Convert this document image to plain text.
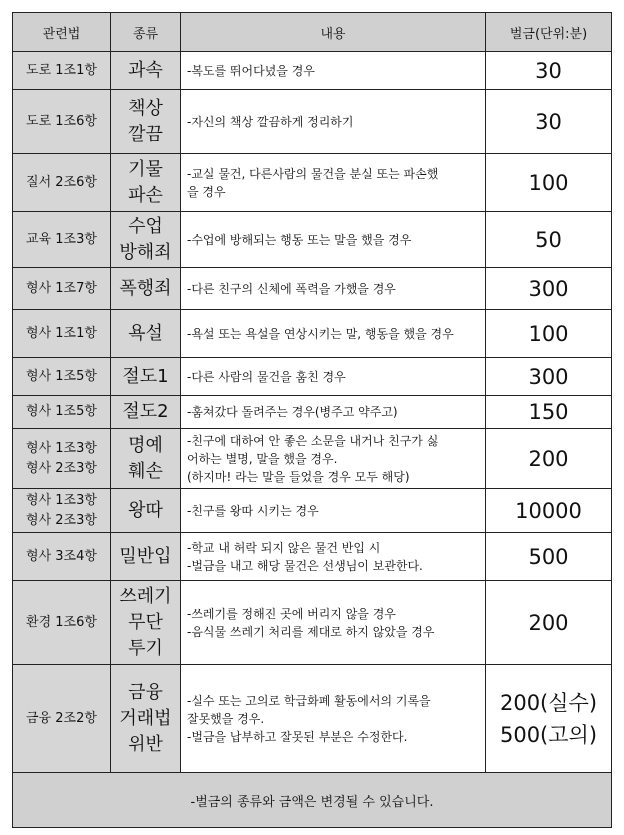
관련법	종류	내용	벌금(단위:분)

도로 1조1항	과속	-복도를 뛰어다녔을 경우	30

도로 1조6항	책상
깔끔	-자신의 책상 깔끔하게 정리하기	30

질서 2조6항	기물
파손	-교실 물건, 다른사람의 물건을 분실 또는 파손했
을 경우	100

교육 1조3항	수업
방해죄	-수업에 방해되는 행동 또는 말을 했을 경우	50

형사 1조7항	폭행죄	-다른 친구의 신체에 폭력을 가했을 경우	300

형사 1조1항	욕설	-욕설 또는 욕설을 연상시키는 말, 행동을 했을 경우	100

형사 1조5항	절도1	-다른 사람의 물건을 훔친 경우	300

형사 1조5항	절도2	-훔쳐갔다 돌려주는 경우(병주고 약주고)	150

형사 1조3항
형사 2조3항	명예
훼손	-친구에 대하여 안 좋은 소문을 내거나 친구가 싫
어하는 별명, 말을 했을 경우.
(하지마! 라는 말을 들었을 경우 모두 해당)	200

형사 1조3항
형사 2조3항	왕따	-친구를 왕따 시키는 경우	10000

형사 3조4항	밀반입	-학교 내 허락 되지 않은 물건 반입 시
-벌금을 내고 해당 물건은 선생님이 보관한다.	500

환경 1조6항	쓰레기
무단
투기	-쓰레기를 정해진 곳에 버리지 않을 경우
-음식물 쓰레기 처리를 제대로 하지 않았을 경우	200

금융 2조2항	금융
거래법
위반	-실수 또는 고의로 학급화폐 활동에서의 기록을
잘못했을 경우.
-벌금을 납부하고 잘못된 부분은 수정한다.	200(실수)
500(고의)

-벌금의 종류와 금액은 변경될 수 있습니다.			
